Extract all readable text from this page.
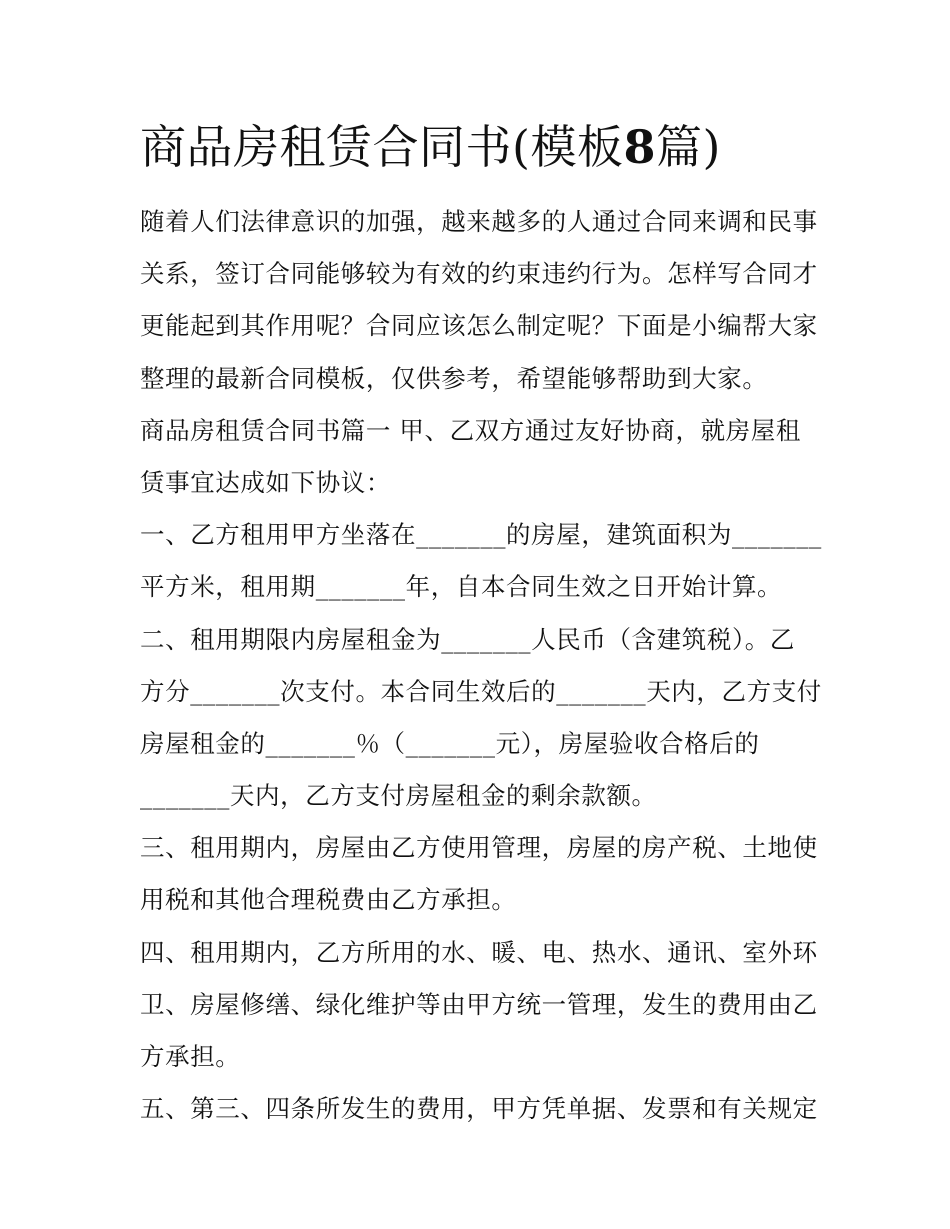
商品房租赁合同书(模板8篇)
随着人们法律意识的加强，越来越多的人通过合同来调和民事
关系，签订合同能够较为有效的约束违约行为。怎样写合同才
更能起到其作用呢？合同应该怎么制定呢？下面是小编帮大家
整理的最新合同模板，仅供参考，希望能够帮助到大家。
商品房租赁合同书篇一 甲、乙双方通过友好协商，就房屋租
赁事宜达成如下协议：
一、乙方租用甲方坐落在_______的房屋，建筑面积为_______
平方米，租用期_______年，自本合同生效之日开始计算。
二、租用期限内房屋租金为_______人民币（含建筑税）。乙
方分_______次支付。本合同生效后的_______天内，乙方支付
房屋租金的_______％（_______元），房屋验收合格后的
_______天内，乙方支付房屋租金的剩余款额。
三、租用期内，房屋由乙方使用管理，房屋的房产税、土地使
用税和其他合理税费由乙方承担。
四、租用期内，乙方所用的水、暖、电、热水、通讯、室外环
卫、房屋修缮、绿化维护等由甲方统一管理，发生的费用由乙
方承担。
五、第三、四条所发生的费用，甲方凭单据、发票和有关规定
